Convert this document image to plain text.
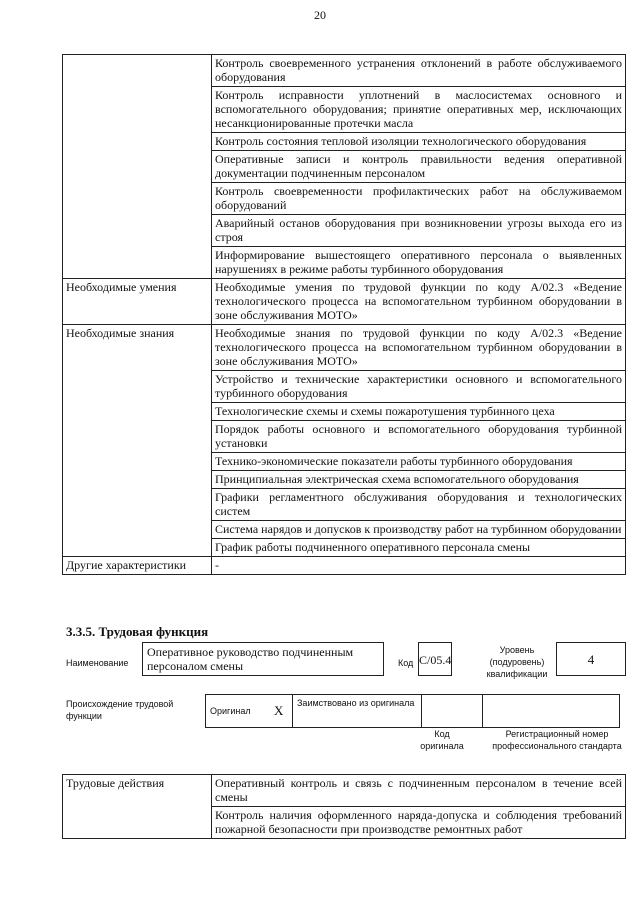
20
	Контроль своевременного устранения отклонений в работе обслуживаемого оборудования
	Контроль исправности уплотнений в маслосистемах основного и вспомогательного оборудования; принятие оперативных мер, исключающих несанкционированные протечки масла
	Контроль состояния тепловой изоляции технологического оборудования
	Оперативные записи и контроль правильности ведения оперативной документации подчиненным персоналом
	Контроль своевременности профилактических работ на обслуживаемом оборудований
	Аварийный останов оборудования при возникновении угрозы выхода его из строя
	Информирование вышестоящего оперативного персонала о выявленных нарушениях в режиме работы турбинного оборудования
Необходимые умения	Необходимые умения по трудовой функции по коду А/02.3 «Ведение технологического процесса на вспомогательном турбинном оборудовании в зоне обслуживания МОТО»
Необходимые знания	Необходимые знания по трудовой функции по коду А/02.3 «Ведение технологического процесса на вспомогательном турбинном оборудовании в зоне обслуживания МОТО»
	Устройство и технические характеристики основного и вспомогательного турбинного оборудования
	Технологические схемы и схемы пожаротушения турбинного цеха
	Порядок работы основного и вспомогательного оборудования турбинной установки
	Технико-экономические показатели работы турбинного оборудования
	Принципиальная электрическая схема вспомогательного оборудования
	Графики регламентного обслуживания оборудования и технологических систем
	Система нарядов и допусков к производству работ на турбинном оборудовании
	График работы подчиненного оперативного персонала смены
Другие характеристики	-
3.3.5. Трудовая функция
Наименование
Оперативное руководство подчиненным персоналом смены	Код С/05.4
Уровень (подуровень) квалификации
4
Происхождение трудовой функции	Оригинал	X	Заимствовано из оригинала		
Код оригинала
Регистрационный номер профессионального стандарта
Трудовые действия	Оперативный контроль и связь с подчиненным персоналом в течение всей смены
Контроль наличия оформленного наряда-допуска и соблюдения требований пожарной безопасности при производстве ремонтных работ
